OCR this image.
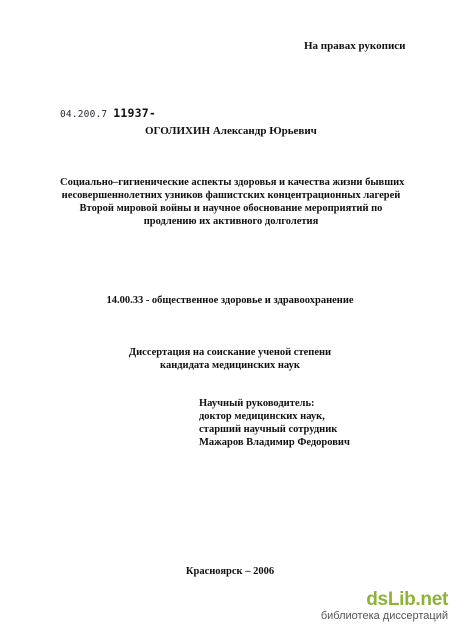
На правах рукописи
04.200.7 11937-
ОГОЛИХИН Александр Юрьевич
Социально–гигиенические аспекты здоровья и качества жизни бывших
несовершеннолетних узников фашистских концентрационных лагерей
Второй мировой войны и научное обоснование мероприятий по
продлению их активного долголетия
14.00.33 - общественное здоровье и здравоохранение
Диссертация на соискание ученой степени
кандидата медицинских наук
Научный руководитель:
доктор медицинских наук,
старший научный сотрудник
Мажаров Владимир Федорович
Красноярск – 2006
dsLib.net
библиотека диссертаций
